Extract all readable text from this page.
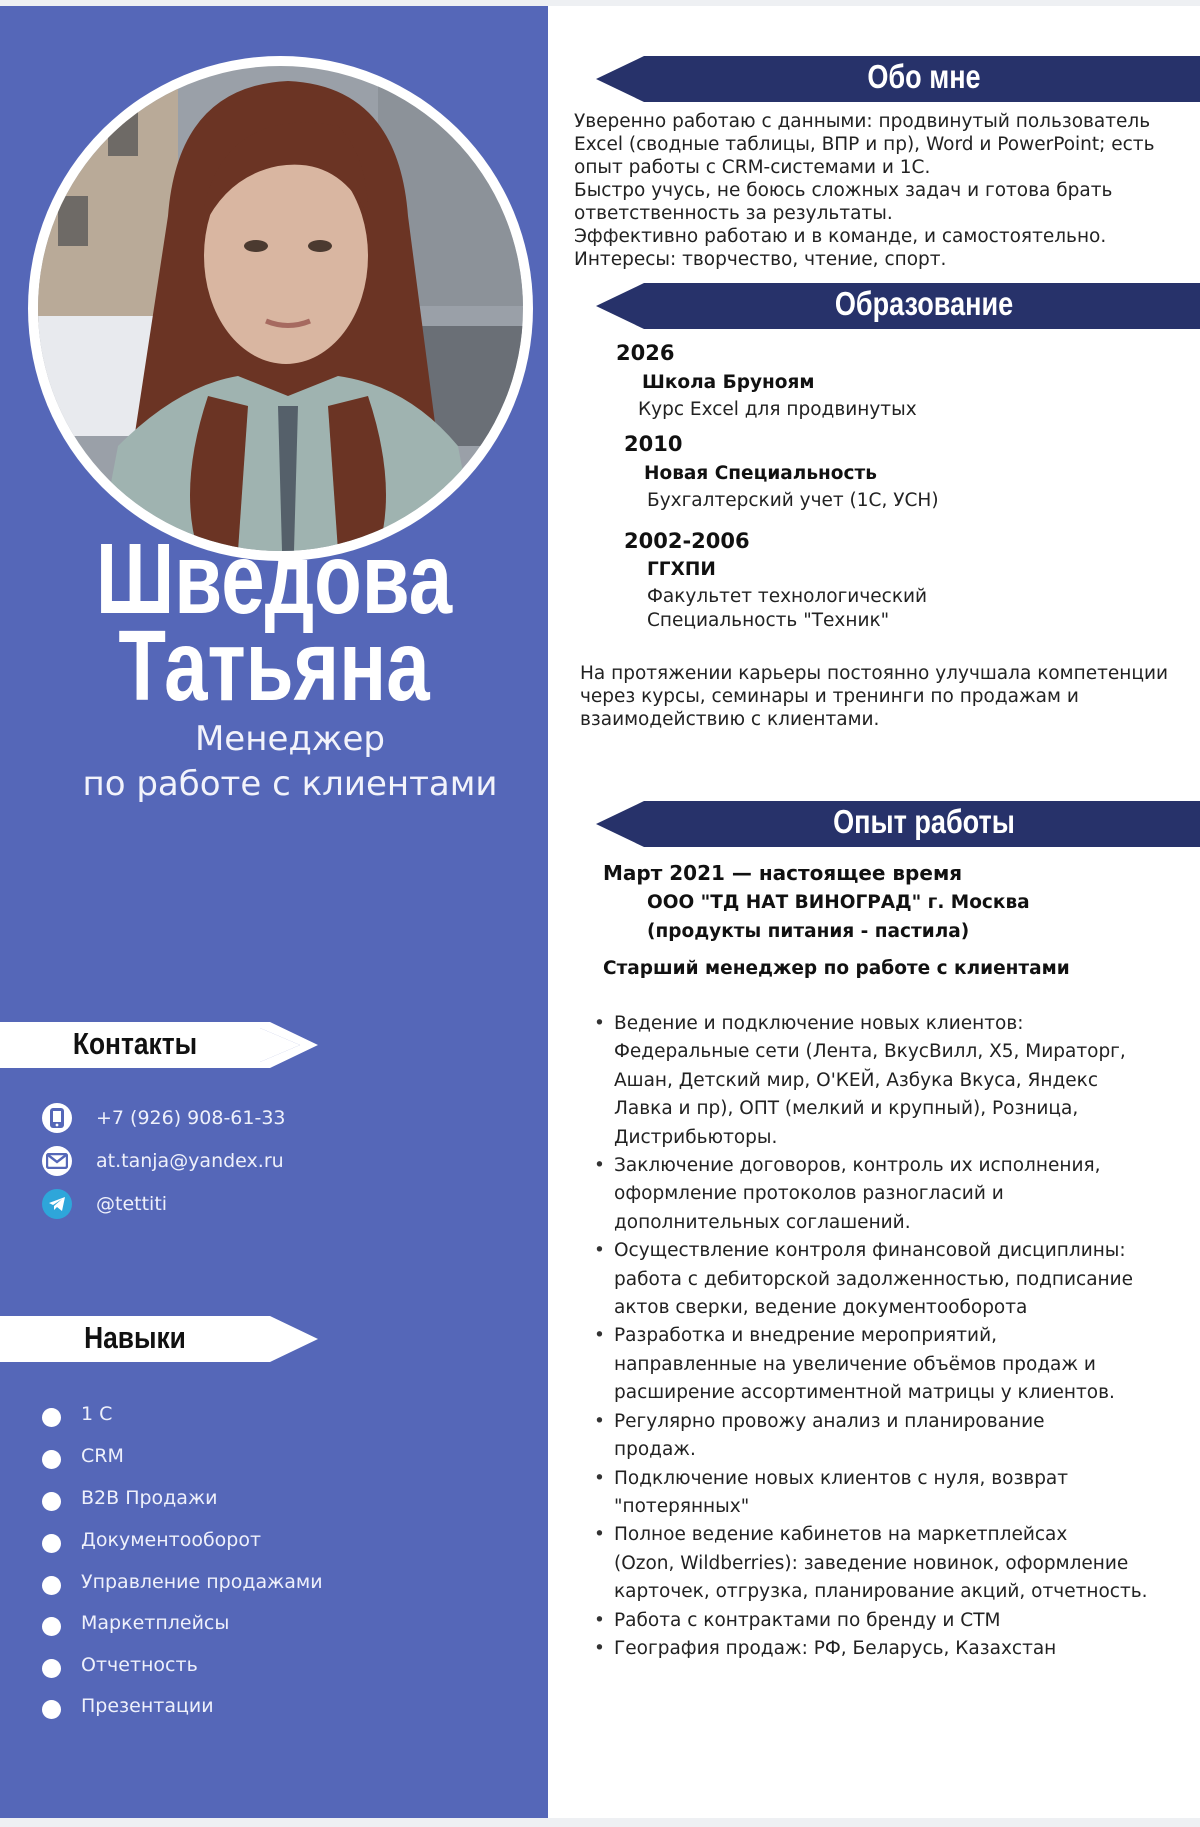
Шведова
Татьяна
Менеджер
по работе с клиентами
Контакты
+7 (926) 908-61-33
at.tanja@yandex.ru
@tettiti
Навыки
1 С
CRM
B2B Продажи
Документооборот
Управление продажами
Маркетплейсы
Отчетность
Презентации
Обо мне
Уверенно работаю с данными: продвинутый пользователь
Excel (сводные таблицы, ВПР и пр), Word и PowerPoint; есть
опыт работы с CRM-системами и 1С.
Быстро учусь, не боюсь сложных задач и готова брать
ответственность за результаты.
Эффективно работаю и в команде, и самостоятельно.
Интересы: творчество, чтение, спорт.
Образование
2026
Школа Бруноям
Курс Excel для продвинутых
2010
Новая Специальность
Бухгалтерский учет (1С, УСН)
2002-2006
ГГХПИ
Факультет технологический
Специальность "Техник"
На протяжении карьеры постоянно улучшала компетенции
через курсы, семинары и тренинги по продажам и
взаимодействию с клиентами.
Опыт работы
Март 2021 — настоящее время
ООО "ТД НАТ ВИНОГРАД" г. Москва
(продукты питания - пастила)
Старший менеджер по работе с клиентами
• Ведение и подключение новых клиентов:
Федеральные сети (Лента, ВкусВилл, Х5, Мираторг,
Ашан, Детский мир, О'КЕЙ, Азбука Вкуса, Яндекс
Лавка и пр), ОПТ (мелкий и крупный), Розница,
Дистрибьюторы.
• Заключение договоров, контроль их исполнения,
оформление протоколов разногласий и
дополнительных соглашений.
• Осуществление контроля финансовой дисциплины:
работа с дебиторской задолженностью, подписание
актов сверки, ведение документооборота
• Разработка и внедрение мероприятий,
направленные на увеличение объёмов продаж и
расширение ассортиментной матрицы у клиентов.
• Регулярно провожу анализ и планирование
продаж.
• Подключение новых клиентов с нуля, возврат
"потерянных"
• Полное ведение кабинетов на маркетплейсах
(Ozon, Wildberries): заведение новинок, оформление
карточек, отгрузка, планирование акций, отчетность.
• Работа с контрактами по бренду и СТМ
• География продаж: РФ, Беларусь, Казахстан
